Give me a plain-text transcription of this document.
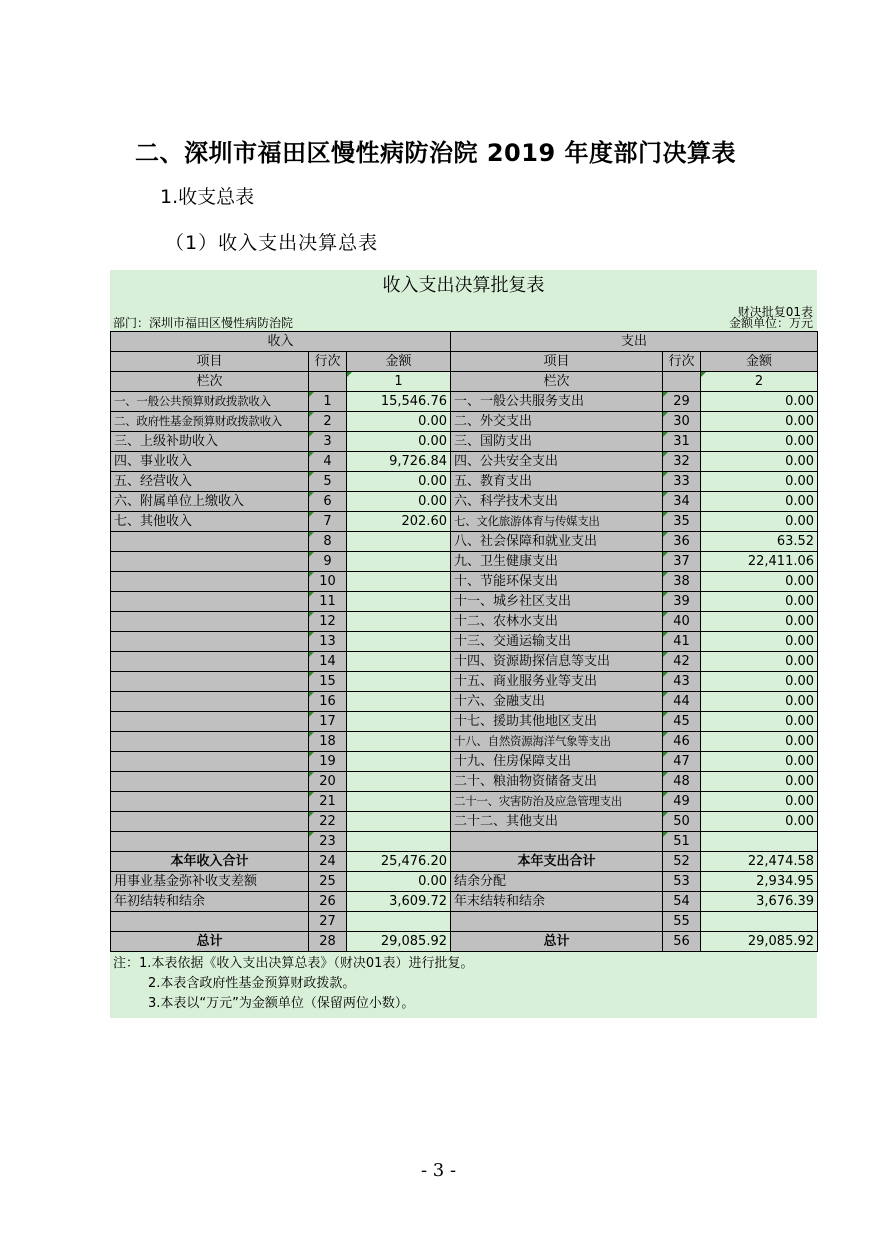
二、深圳市福田区慢性病防治院 2019 年度部门决算表
1.收支总表
（1）收入支出决算总表
收入支出决算批复表
财决批复01表
部门：深圳市福田区慢性病防治院	金额单位：万元
收入			支出		
项目	行次	金额	项目	行次	金额
栏次		1	栏次		2
一、一般公共预算财政拨款收入	1	15,546.76	一、一般公共服务支出	29	0.00
二、政府性基金预算财政拨款收入	2	0.00	二、外交支出	30	0.00
三、上级补助收入	3	0.00	三、国防支出	31	0.00
四、事业收入	4	9,726.84	四、公共安全支出	32	0.00
五、经营收入	5	0.00	五、教育支出	33	0.00
六、附属单位上缴收入	6	0.00	六、科学技术支出	34	0.00
七、其他收入	7	202.60	七、文化旅游体育与传媒支出	35	0.00
	8		八、社会保障和就业支出	36	63.52
	9		九、卫生健康支出	37	22,411.06
	10		十、节能环保支出	38	0.00
	11		十一、城乡社区支出	39	0.00
	12		十二、农林水支出	40	0.00
	13		十三、交通运输支出	41	0.00
	14		十四、资源勘探信息等支出	42	0.00
	15		十五、商业服务业等支出	43	0.00
	16		十六、金融支出	44	0.00
	17		十七、援助其他地区支出	45	0.00
	18		十八、自然资源海洋气象等支出	46	0.00
	19		十九、住房保障支出	47	0.00
	20		二十、粮油物资储备支出	48	0.00
	21		二十一、灾害防治及应急管理支出	49	0.00
	22		二十二、其他支出	50	0.00
	23			51	
本年收入合计	24	25,476.20	本年支出合计	52	22,474.58
用事业基金弥补收支差额	25	0.00	结余分配	53	2,934.95
年初结转和结余	26	3,609.72	年末结转和结余	54	3,676.39
	27			55	
总计	28	29,085.92	总计	56	29,085.92
注：1.本表依据《收入支出决算总表》（财决01表）进行批复。
2.本表含政府性基金预算财政拨款。
3.本表以“万元”为金额单位（保留两位小数）。
- 3 -
